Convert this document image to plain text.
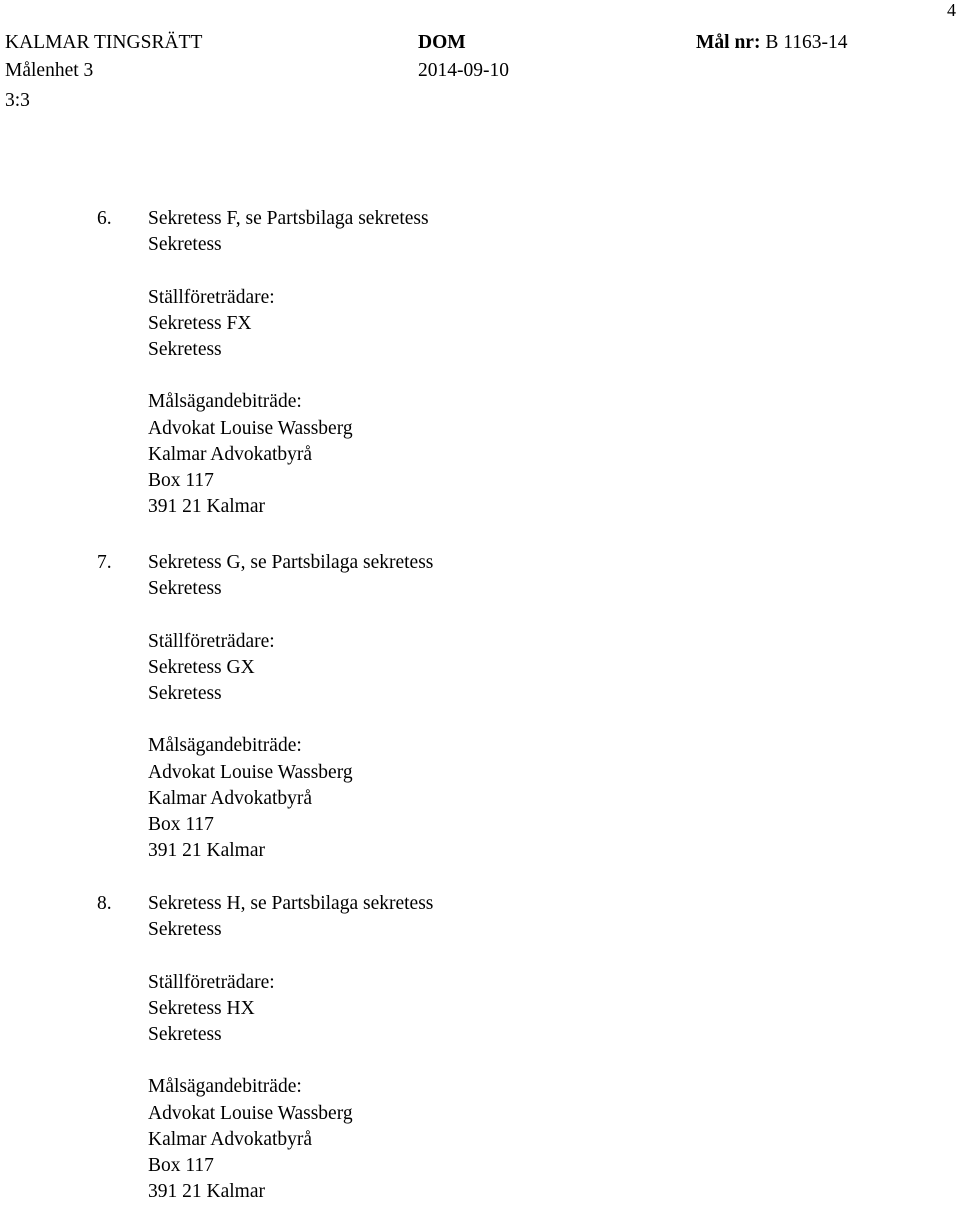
4
KALMAR TINGSRÄTT	DOM	Mål nr: B 1163-14
Målenhet 3	2014-09-10
3:3
6. Sekretess F, se Partsbilaga sekretess
Sekretess
Ställföreträdare:
Sekretess FX
Sekretess
Målsägandebiträde:
Advokat Louise Wassberg
Kalmar Advokatbyrå
Box 117
391 21 Kalmar
7. Sekretess G, se Partsbilaga sekretess
Sekretess
Ställföreträdare:
Sekretess GX
Sekretess
Målsägandebiträde:
Advokat Louise Wassberg
Kalmar Advokatbyrå
Box 117
391 21 Kalmar
8. Sekretess H, se Partsbilaga sekretess
Sekretess
Ställföreträdare:
Sekretess HX
Sekretess
Målsägandebiträde:
Advokat Louise Wassberg
Kalmar Advokatbyrå
Box 117
391 21 Kalmar
